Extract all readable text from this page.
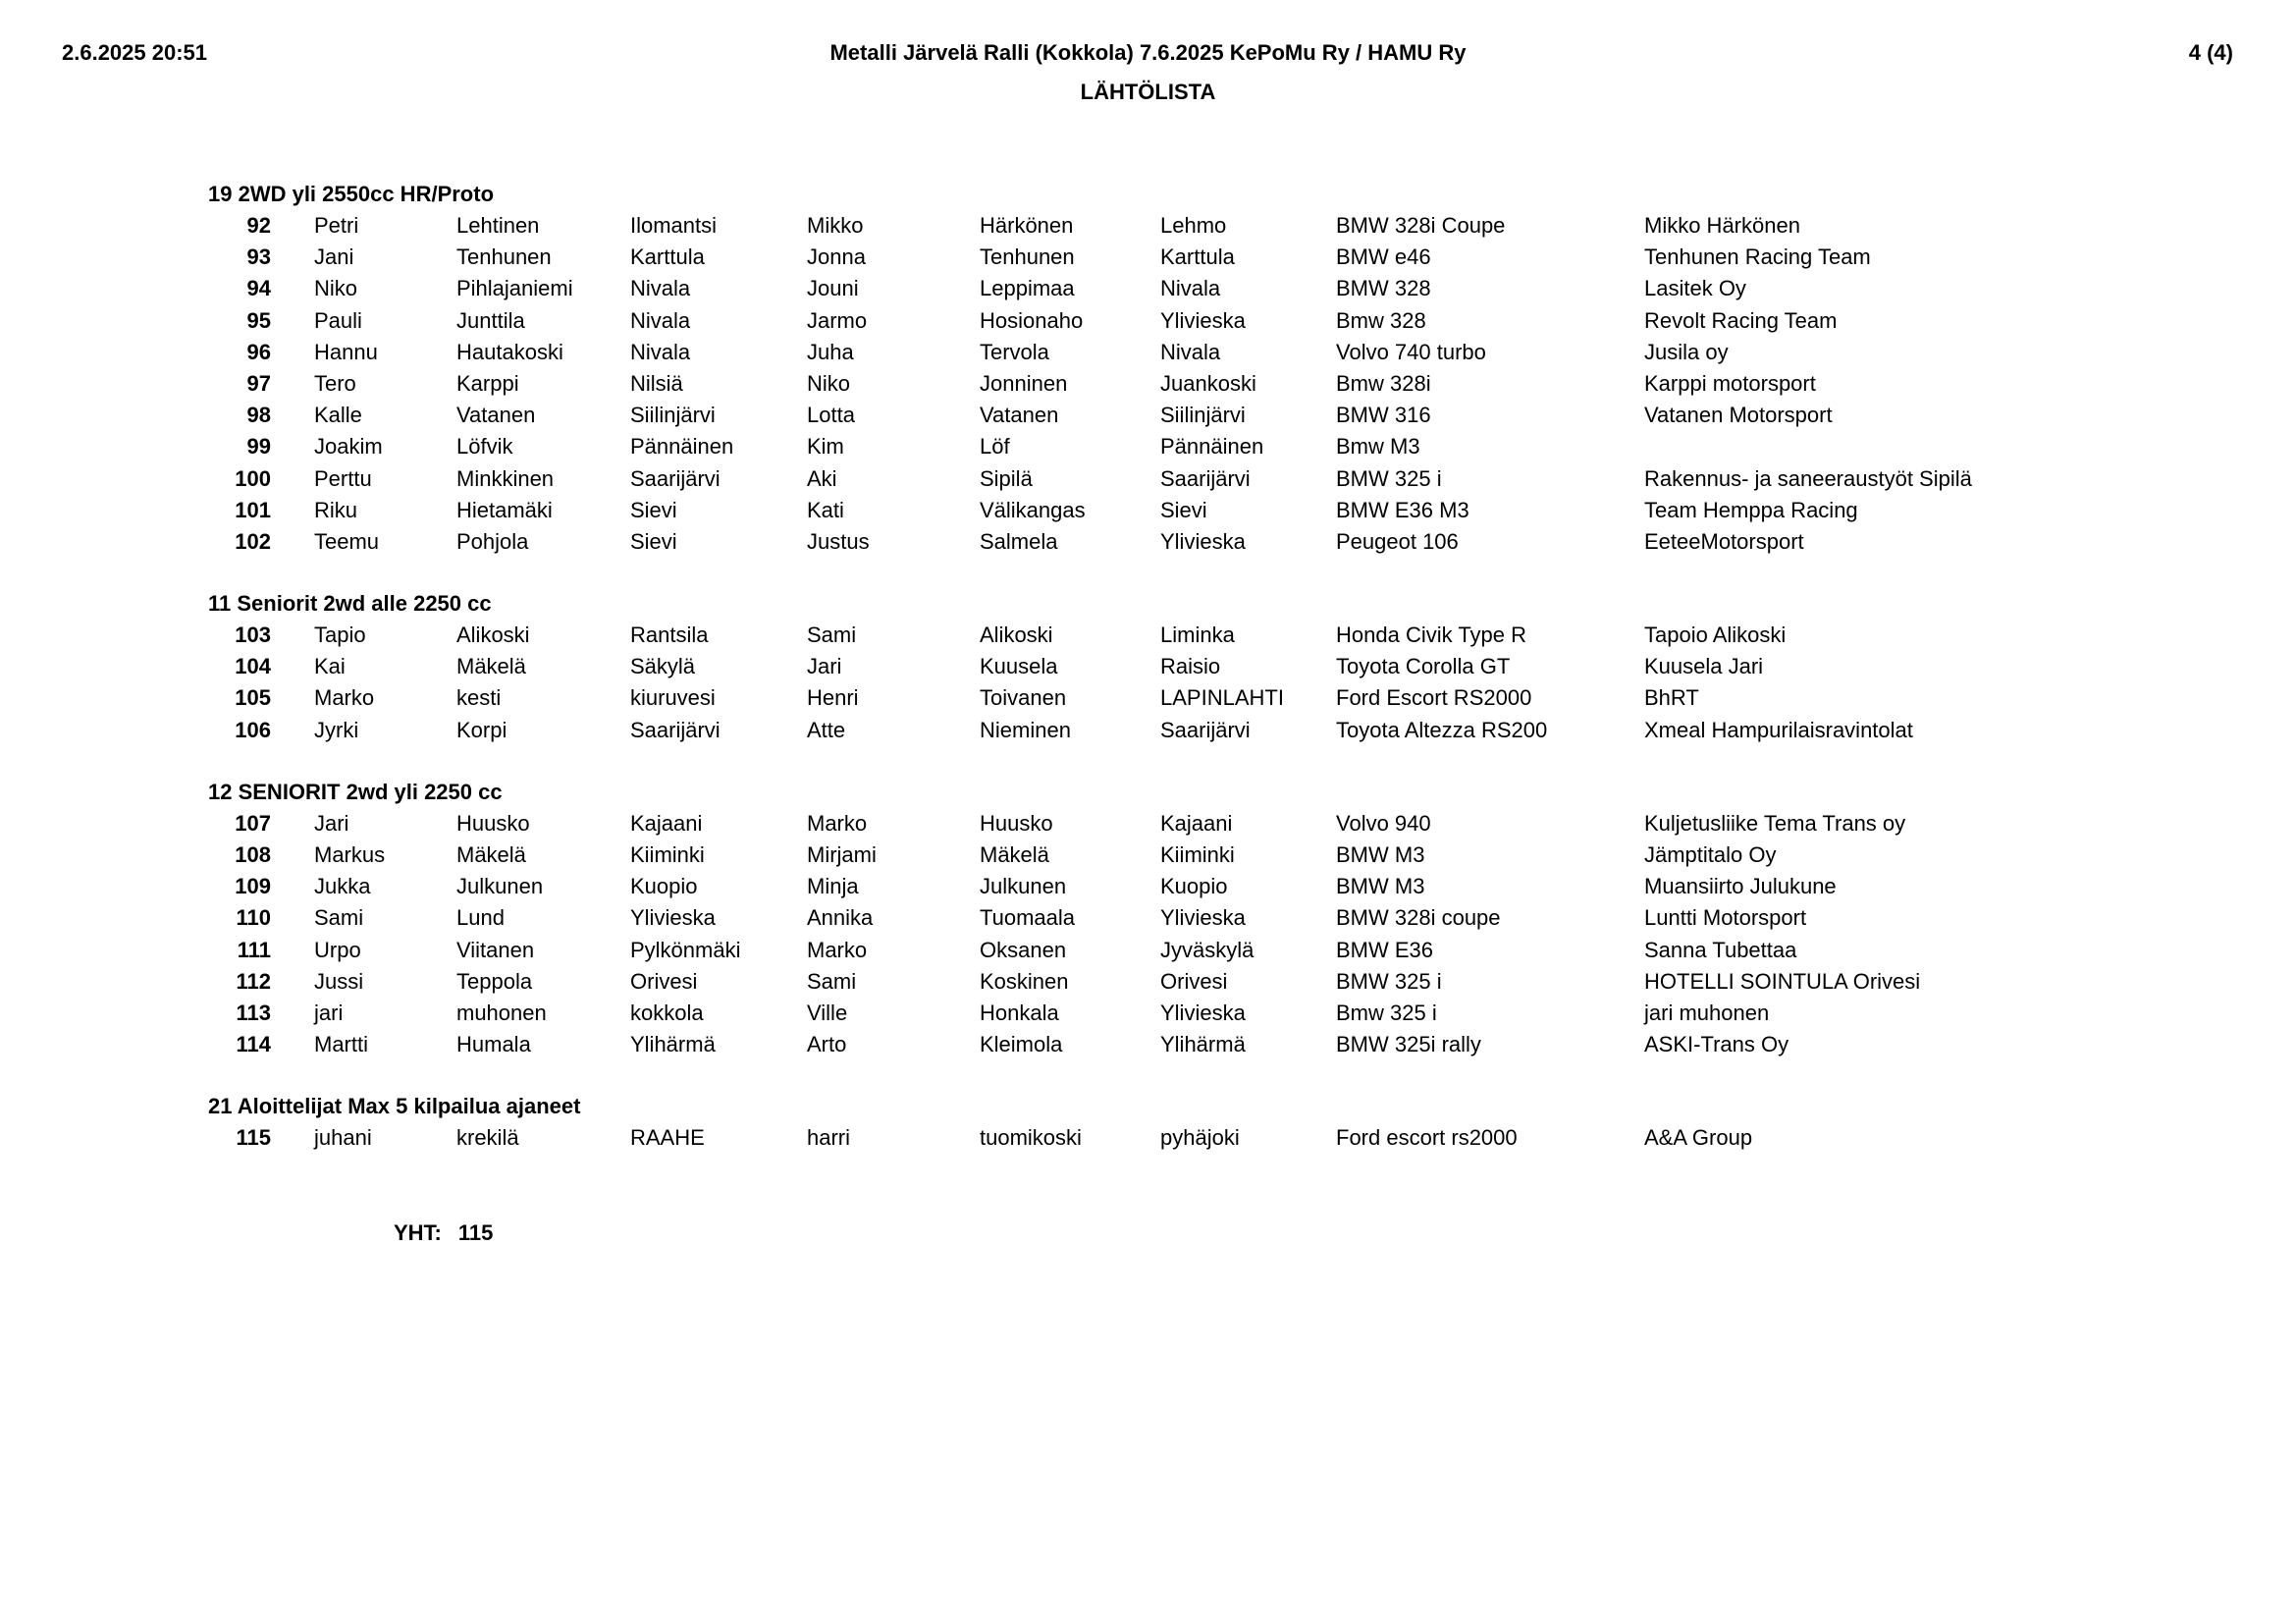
2.6.2025 20:51	Metalli Järvelä Ralli (Kokkola) 7.6.2025 KePoMu Ry / HAMU Ry
LÄHTÖLISTA
4 (4)
19 2WD yli 2550cc HR/Proto
92	Petri	Lehtinen	Ilomantsi	Mikko	Härkönen	Lehmo	BMW 328i Coupe	Mikko Härkönen
93	Jani	Tenhunen	Karttula	Jonna	Tenhunen	Karttula	BMW e46	Tenhunen Racing Team
94	Niko	Pihlajaniemi	Nivala	Jouni	Leppimaa	Nivala	BMW 328	Lasitek Oy
95	Pauli	Junttila	Nivala	Jarmo	Hosionaho	Ylivieska	Bmw 328	Revolt Racing Team
96	Hannu	Hautakoski	Nivala	Juha	Tervola	Nivala	Volvo 740 turbo	Jusila oy
97	Tero	Karppi	Nilsiä	Niko	Jonninen	Juankoski	Bmw 328i	Karppi motorsport
98	Kalle	Vatanen	Siilinjärvi	Lotta	Vatanen	Siilinjärvi	BMW 316	Vatanen Motorsport
99	Joakim	Löfvik	Pännäinen	Kim	Löf	Pännäinen	Bmw M3
100	Perttu	Minkkinen	Saarijärvi	Aki	Sipilä	Saarijärvi	BMW 325 i	Rakennus- ja saneeraustyöt Sipilä
101	Riku	Hietamäki	Sievi	Kati	Välikangas	Sievi	BMW E36 M3	Team Hemppa Racing
102	Teemu	Pohjola	Sievi	Justus	Salmela	Ylivieska	Peugeot 106	EeteeMotorsport
11 Seniorit 2wd alle 2250 cc
103	Tapio	Alikoski	Rantsila	Sami	Alikoski	Liminka	Honda Civik Type R	Tapoio Alikoski
104	Kai	Mäkelä	Säkylä	Jari	Kuusela	Raisio	Toyota Corolla GT	Kuusela Jari
105	Marko	kesti	kiuruvesi	Henri	Toivanen	LAPINLAHTI	Ford Escort RS2000	BhRT
106	Jyrki	Korpi	Saarijärvi	Atte	Nieminen	Saarijärvi	Toyota Altezza RS200	Xmeal Hampurilaisravintolat
12 SENIORIT 2wd yli 2250 cc
107	Jari	Huusko	Kajaani	Marko	Huusko	Kajaani	Volvo 940	Kuljetusliike Tema Trans oy
108	Markus	Mäkelä	Kiiminki	Mirjami	Mäkelä	Kiiminki	BMW M3	Jämptitalo Oy
109	Jukka	Julkunen	Kuopio	Minja	Julkunen	Kuopio	BMW M3	Muansiirto Julukune
110	Sami	Lund	Ylivieska	Annika	Tuomaala	Ylivieska	BMW 328i coupe	Luntti Motorsport
111	Urpo	Viitanen	Pylkönmäki	Marko	Oksanen	Jyväskylä	BMW E36	Sanna Tubettaa
112	Jussi	Teppola	Orivesi	Sami	Koskinen	Orivesi	BMW 325 i	HOTELLI SOINTULA Orivesi
113	jari	muhonen	kokkola	Ville	Honkala	Ylivieska	Bmw 325 i	jari muhonen
114	Martti	Humala	Ylihärmä	Arto	Kleimola	Ylihärmä	BMW 325i rally	ASKI-Trans Oy
21 Aloittelijat Max 5 kilpailua ajaneet
115	juhani	krekilä	RAAHE	harri	tuomikoski	pyhäjoki	Ford escort rs2000	A&A Group
YHT: 115
